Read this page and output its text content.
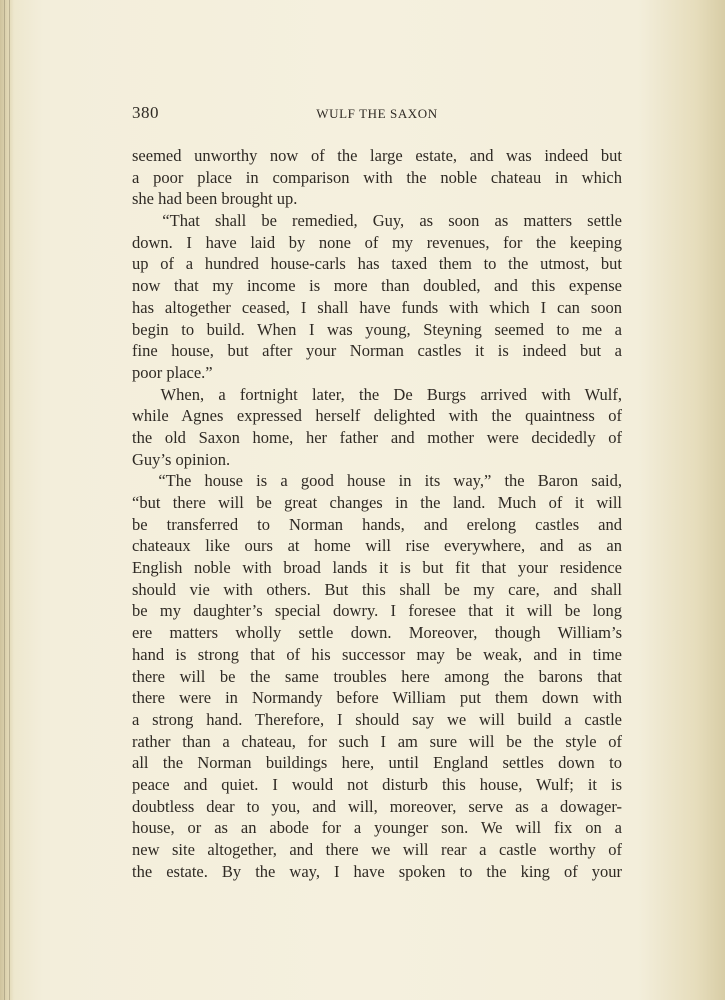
380	WULF THE SAXON
seemed unworthy now of the large estate, and was indeed but
a poor place in comparison with the noble chateau in which
she had been brought up.
“That shall be remedied, Guy, as soon as matters settle
down. I have laid by none of my revenues, for the keeping
up of a hundred house-carls has taxed them to the utmost, but
now that my income is more than doubled, and this expense
has altogether ceased, I shall have funds with which I can soon
begin to build. When I was young, Steyning seemed to me a
fine house, but after your Norman castles it is indeed but a
poor place.”
When, a fortnight later, the De Burgs arrived with Wulf,
while Agnes expressed herself delighted with the quaintness of
the old Saxon home, her father and mother were decidedly of
Guy’s opinion.
“The house is a good house in its way,” the Baron said,
“but there will be great changes in the land. Much of it will
be transferred to Norman hands, and erelong castles and
chateaux like ours at home will rise everywhere, and as an
English noble with broad lands it is but fit that your residence
should vie with others. But this shall be my care, and shall
be my daughter’s special dowry. I foresee that it will be long
ere matters wholly settle down. Moreover, though William’s
hand is strong that of his successor may be weak, and in time
there will be the same troubles here among the barons that
there were in Normandy before William put them down with
a strong hand. Therefore, I should say we will build a castle
rather than a chateau, for such I am sure will be the style of
all the Norman buildings here, until England settles down to
peace and quiet. I would not disturb this house, Wulf; it is
doubtless dear to you, and will, moreover, serve as a dowager-
house, or as an abode for a younger son. We will fix on a
new site altogether, and there we will rear a castle worthy of
the estate. By the way, I have spoken to the king of your
